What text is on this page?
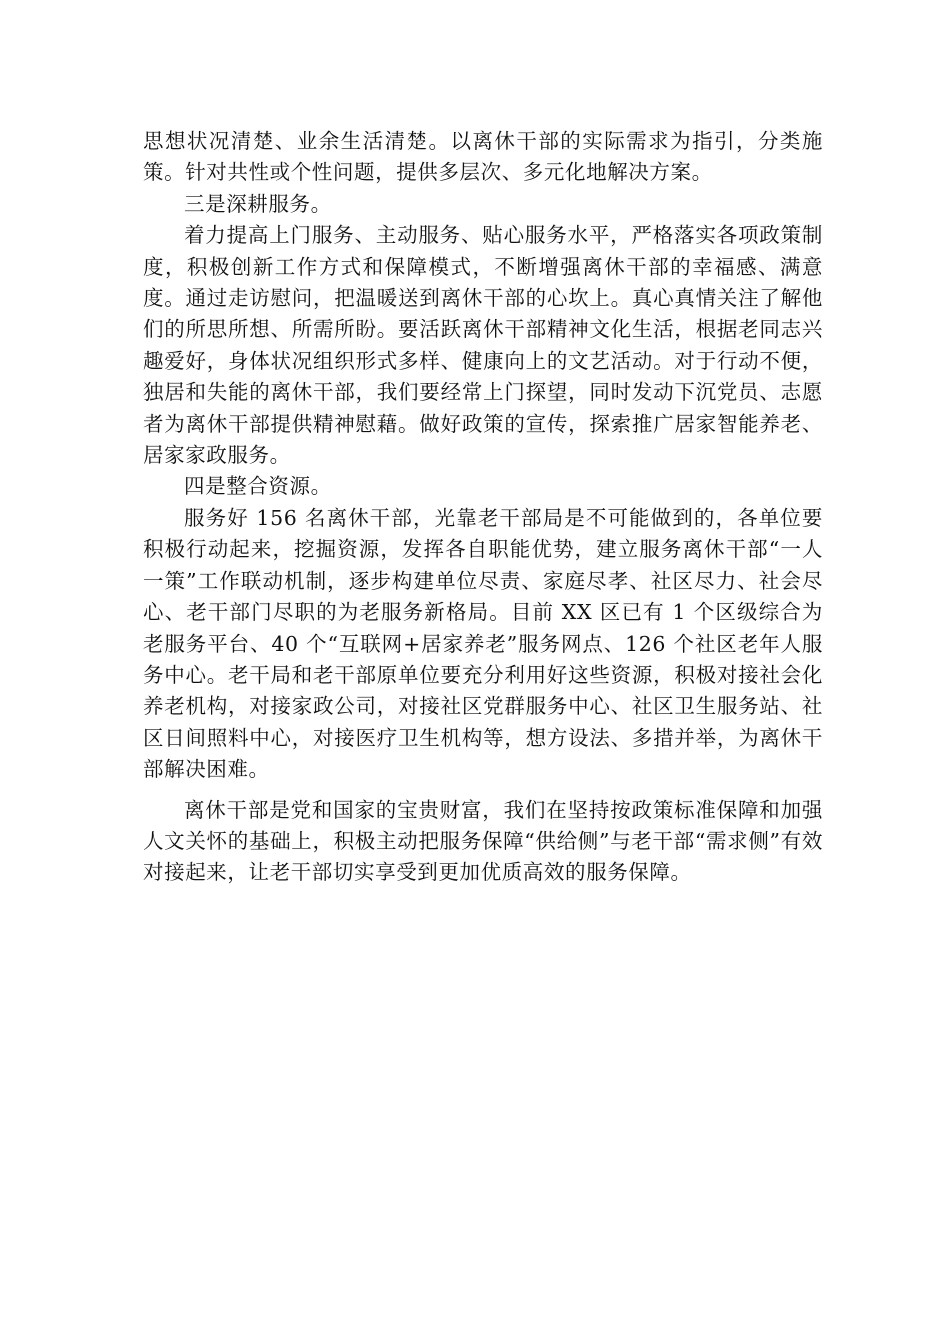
思想状况清楚、业余生活清楚。以离休干部的实际需求为指引，分类施策。针对共性或个性问题，提供多层次、多元化地解决方案。

三是深耕服务。

着力提高上门服务、主动服务、贴心服务水平，严格落实各项政策制度，积极创新工作方式和保障模式，不断增强离休干部的幸福感、满意度。通过走访慰问，把温暖送到离休干部的心坎上。真心真情关注了解他们的所思所想、所需所盼。要活跃离休干部精神文化生活，根据老同志兴趣爱好，身体状况组织形式多样、健康向上的文艺活动。对于行动不便，独居和失能的离休干部，我们要经常上门探望，同时发动下沉党员、志愿者为离休干部提供精神慰藉。做好政策的宣传，探索推广居家智能养老、居家家政服务。

四是整合资源。

服务好 156 名离休干部，光靠老干部局是不可能做到的，各单位要积极行动起来，挖掘资源，发挥各自职能优势，建立服务离休干部“一人一策”工作联动机制，逐步构建单位尽责、家庭尽孝、社区尽力、社会尽心、老干部门尽职的为老服务新格局。目前 XX 区已有 1 个区级综合为老服务平台、40 个“互联网+居家养老”服务网点、126 个社区老年人服务中心。老干局和老干部原单位要充分利用好这些资源，积极对接社会化养老机构，对接家政公司，对接社区党群服务中心、社区卫生服务站、社区日间照料中心，对接医疗卫生机构等，想方设法、多措并举，为离休干部解决困难。

离休干部是党和国家的宝贵财富，我们在坚持按政策标准保障和加强人文关怀的基础上，积极主动把服务保障“供给侧”与老干部“需求侧”有效对接起来，让老干部切实享受到更加优质高效的服务保障。
